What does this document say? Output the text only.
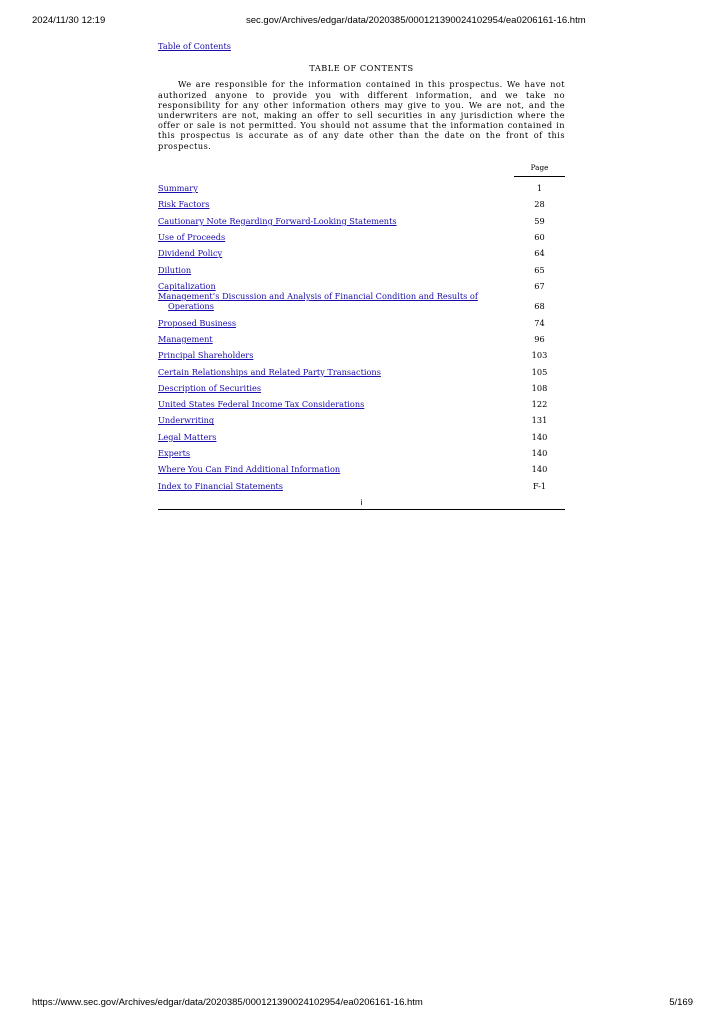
2024/11/30 12:19	sec.gov/Archives/edgar/data/2020385/000121390024102954/ea0206161-16.htm
Table of Contents
TABLE OF CONTENTS

We are responsible for the information contained in this prospectus. We have not authorized anyone to provide you with different information, and we take no responsibility for any other information others may give to you. We are not, and the underwriters are not, making an offer to sell securities in any jurisdiction where the offer or sale is not permitted. You should not assume that the information contained in this prospectus is accurate as of any date other than the date on the front of this prospectus.

	Page
Summary	1
Risk Factors	28
Cautionary Note Regarding Forward-Looking Statements	59
Use of Proceeds	60
Dividend Policy	64
Dilution	65
Capitalization	67
Management’s Discussion and Analysis of Financial Condition and Results of
Operations	68
Proposed Business	74
Management	96
Principal Shareholders	103
Certain Relationships and Related Party Transactions	105
Description of Securities	108
United States Federal Income Tax Considerations	122
Underwriting	131
Legal Matters	140
Experts	140
Where You Can Find Additional Information	140
Index to Financial Statements	F-1
i
https://www.sec.gov/Archives/edgar/data/2020385/000121390024102954/ea0206161-16.htm	5/169
